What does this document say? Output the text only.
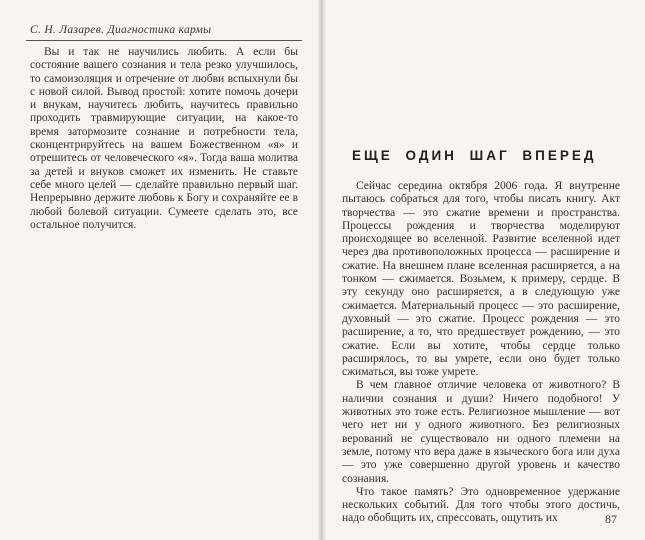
С. Н. Лазарев. Диагностика кармы

Вы и так не научились любить. А если бы состояние вашего сознания и тела резко улучшилось, то самоизоляция и отречение от любви вспыхнули бы с новой силой. Вывод простой: хотите помочь дочери и внукам, научитесь любить, научитесь правильно проходить травмирующие ситуации, на какое-то время затормозите сознание и потребности тела, сконцентрируйтесь на вашем Божественном «я» и отрешитесь от человеческого «я». Тогда ваша молитва за детей и внуков сможет их изменить. Не ставьте себе много целей — сделайте правильно первый шаг. Непрерывно держите любовь к Богу и сохраняйте ее в любой болевой ситуации. Сумеете сделать это, все остальное получится.

ЕЩЕ ОДИН ШАГ ВПЕРЕД

Сейчас середина октября 2006 года. Я внутренне пытаюсь собраться для того, чтобы писать книгу. Акт творчества — это сжатие времени и пространства. Процессы рождения и творчества моделируют происходящее во вселенной. Развитие вселенной идет через два противоположных процесса — расширение и сжатие. На внешнем плане вселенная расширяется, а на тонком — сжимается. Возьмем, к примеру, сердце. В эту секунду оно расширяется, а в следующую уже сжимается. Материальный процесс — это расширение, духовный — это сжатие. Процесс рождения — это расширение, а то, что предшествует рождению, — это сжатие. Если вы хотите, чтобы сердце только расширялось, то вы умрете, если оно будет только сжиматься, вы тоже умрете.

В чем главное отличие человека от животного? В наличии сознания и души? Ничего подобного! У животных это тоже есть. Религиозное мышление — вот чего нет ни у одного животного. Без религиозных верований не существовало ни одного племени на земле, потому что вера даже в языческого бога или духа — это уже совершенно другой уровень и качество сознания.

Что такое память? Это одновременное удержание нескольких событий. Для того чтобы этого достичь, надо обобщить их, спрессовать, ощутить их	87
